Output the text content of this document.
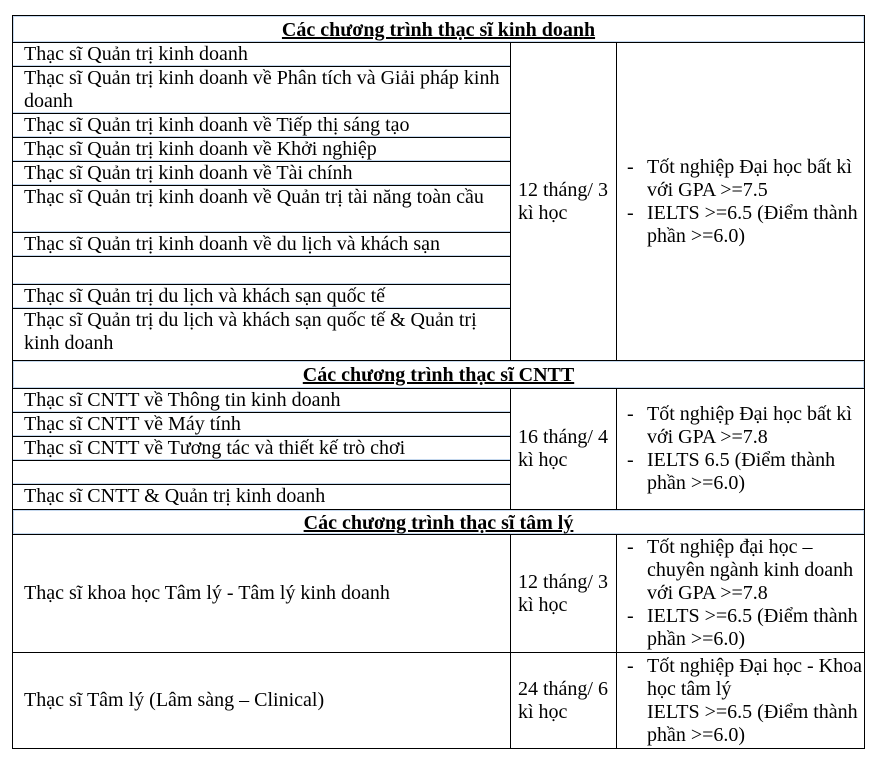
Các chương trình thạc sĩ kinh doanh
Thạc sĩ Quản trị kinh doanh
Thạc sĩ Quản trị kinh doanh về Phân tích và Giải pháp kinh doanh
Thạc sĩ Quản trị kinh doanh về Tiếp thị sáng tạo
Thạc sĩ Quản trị kinh doanh về Khởi nghiệp
Thạc sĩ Quản trị kinh doanh về Tài chính
Thạc sĩ Quản trị kinh doanh về Quản trị tài năng toàn cầu
Thạc sĩ Quản trị kinh doanh về du lịch và khách sạn
Thạc sĩ Quản trị du lịch và khách sạn quốc tế
Thạc sĩ Quản trị du lịch và khách sạn quốc tế & Quản trị kinh doanh
12 tháng/ 3 kì học
- Tốt nghiệp Đại học bất kì với GPA >=7.5
- IELTS >=6.5 (Điểm thành phần >=6.0)
Các chương trình thạc sĩ CNTT
Thạc sĩ CNTT về Thông tin kinh doanh
Thạc sĩ CNTT về Máy tính
Thạc sĩ CNTT về Tương tác và thiết kế trò chơi
Thạc sĩ CNTT & Quản trị kinh doanh
16 tháng/ 4 kì học
- Tốt nghiệp Đại học bất kì với GPA >=7.8
- IELTS 6.5 (Điểm thành phần >=6.0)
Các chương trình thạc sĩ tâm lý
Thạc sĩ khoa học Tâm lý - Tâm lý kinh doanh
12 tháng/ 3 kì học
- Tốt nghiệp đại học – chuyên ngành kinh doanh với GPA >=7.8
- IELTS >=6.5 (Điểm thành phần >=6.0)
Thạc sĩ Tâm lý (Lâm sàng – Clinical)
24 tháng/ 6 kì học
- Tốt nghiệp Đại học - Khoa học tâm lý
IELTS >=6.5 (Điểm thành phần >=6.0)
